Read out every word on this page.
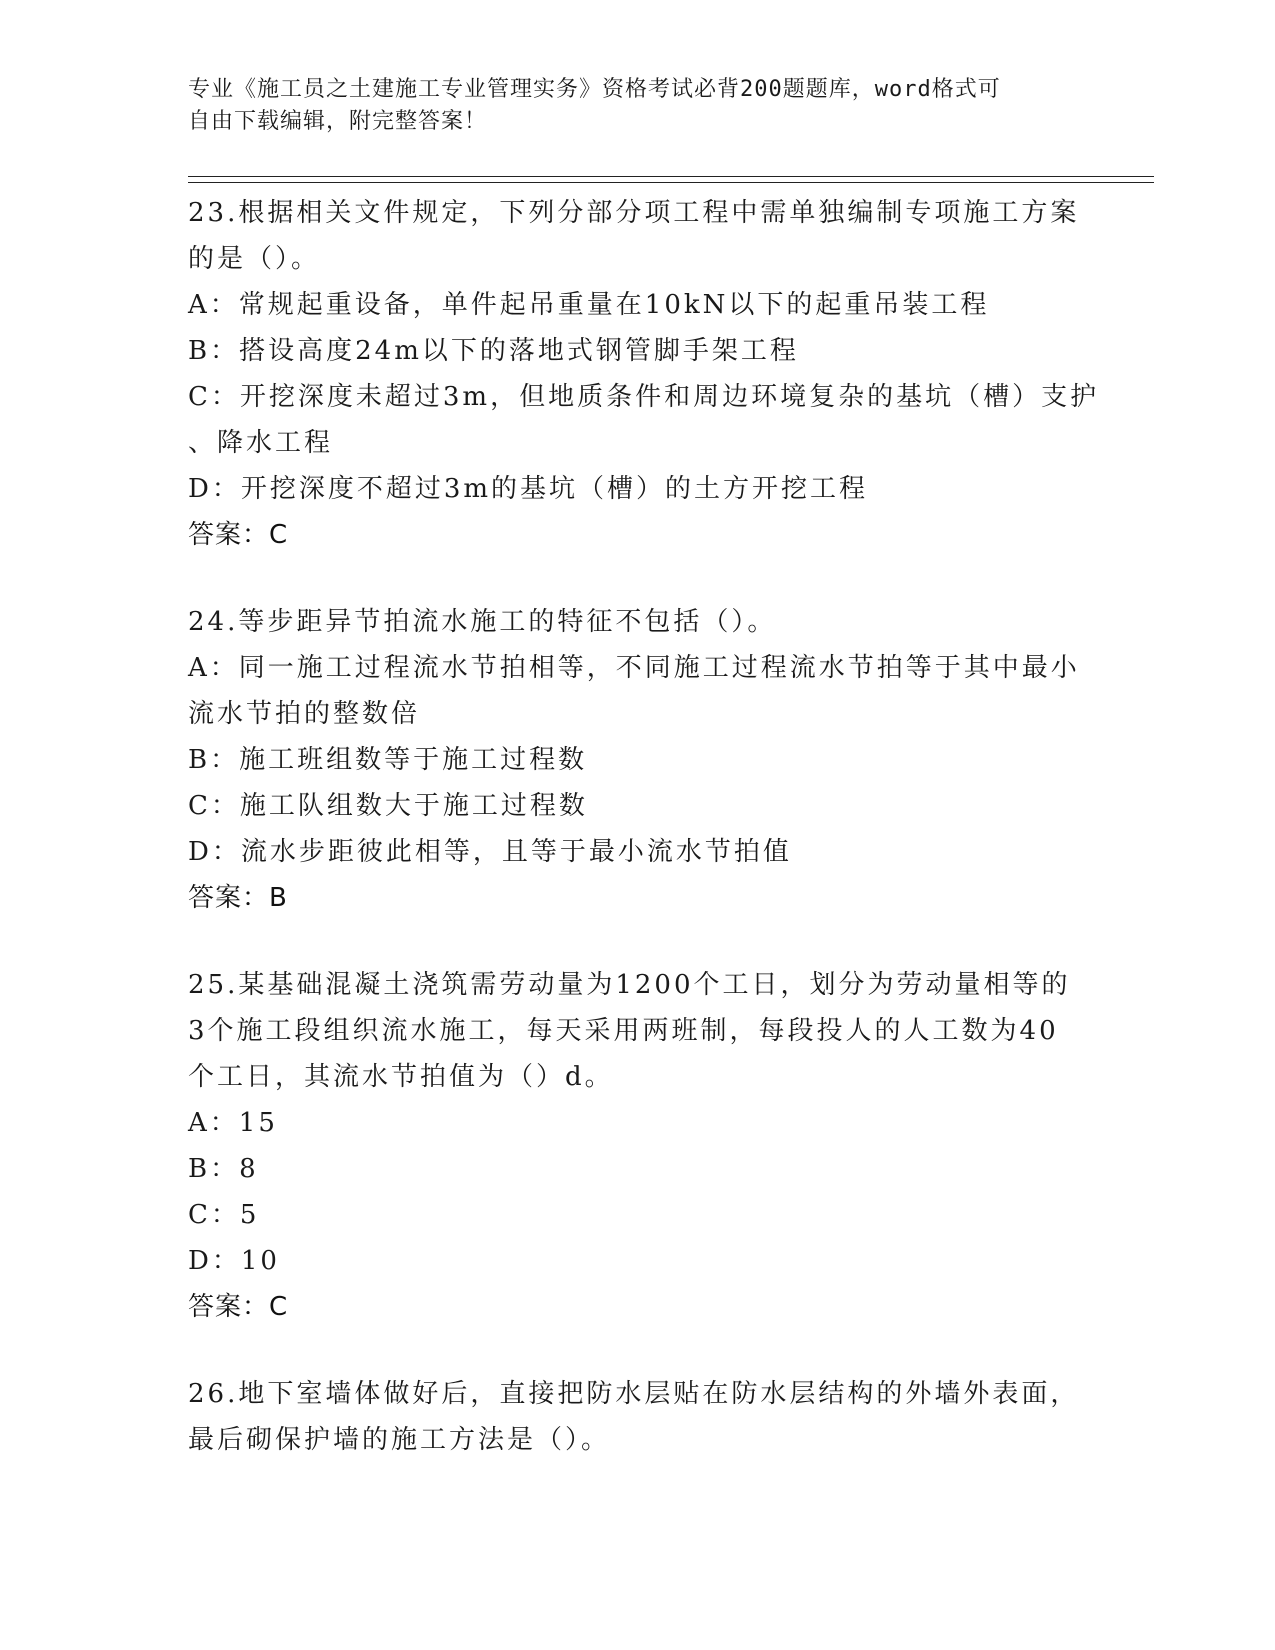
专业《施工员之土建施工专业管理实务》资格考试必背200题题库，word格式可
自由下载编辑，附完整答案！
23.根据相关文件规定，下列分部分项工程中需单独编制专项施工方案
的是（）。
A：常规起重设备，单件起吊重量在10kN以下的起重吊装工程
B：搭设高度24m以下的落地式钢管脚手架工程
C：开挖深度未超过3m，但地质条件和周边环境复杂的基坑（槽）支护
、降水工程
D：开挖深度不超过3m的基坑（槽）的土方开挖工程
答案：C
24.等步距异节拍流水施工的特征不包括（）。
A：同一施工过程流水节拍相等，不同施工过程流水节拍等于其中最小
流水节拍的整数倍
B：施工班组数等于施工过程数
C：施工队组数大于施工过程数
D：流水步距彼此相等，且等于最小流水节拍值
答案：B
25.某基础混凝土浇筑需劳动量为1200个工日，划分为劳动量相等的
3个施工段组织流水施工，每天采用两班制，每段投人的人工数为40
个工日，其流水节拍值为（）d。
A：15
B：8
C：5
D：10
答案：C
26.地下室墙体做好后，直接把防水层贴在防水层结构的外墙外表面，
最后砌保护墙的施工方法是（）。
